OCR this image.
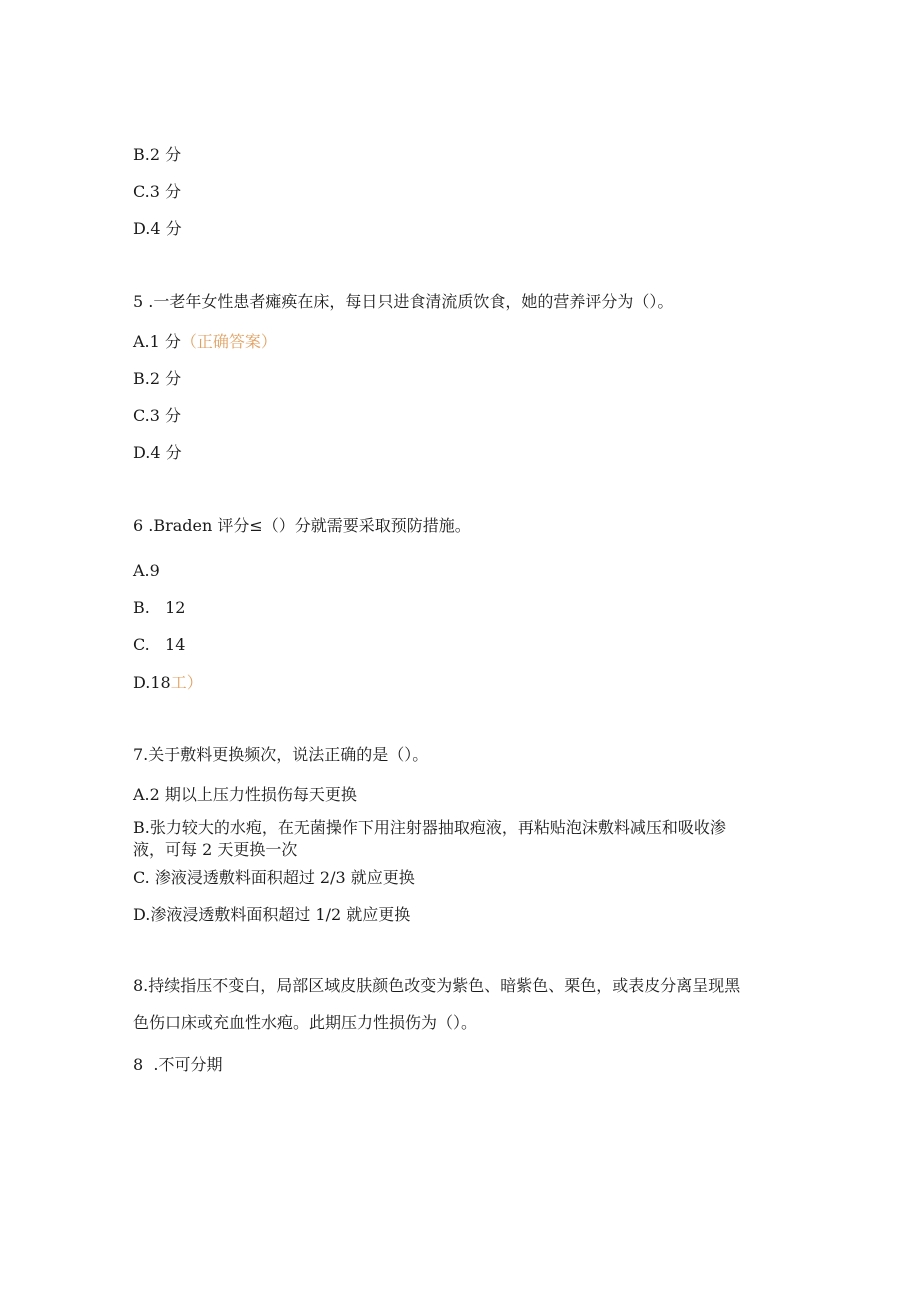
B.2 分
C.3 分
D.4 分
5 .一老年女性患者瘫痪在床，每日只进食清流质饮食，她的营养评分为（）。
A.1 分（正确答案）
B.2 分
C.3 分
D.4 分
6 .Braden 评分≤（）分就需要采取预防措施。
A.9
B.   12
C.   14
D.18工）
7.关于敷料更换频次，说法正确的是（）。
A.2 期以上压力性损伤每天更换
B.张力较大的水疱，在无菌操作下用注射器抽取疱液，再粘贴泡沫敷料减压和吸收渗
液，可每 2 天更换一次
C. 渗液浸透敷料面积超过 2/3 就应更换
D.渗液浸透敷料面积超过 1/2 就应更换
8.持续指压不变白，局部区域皮肤颜色改变为紫色、暗紫色、栗色，或表皮分离呈现黑
色伤口床或充血性水疱。此期压力性损伤为（）。
8  .不可分期
